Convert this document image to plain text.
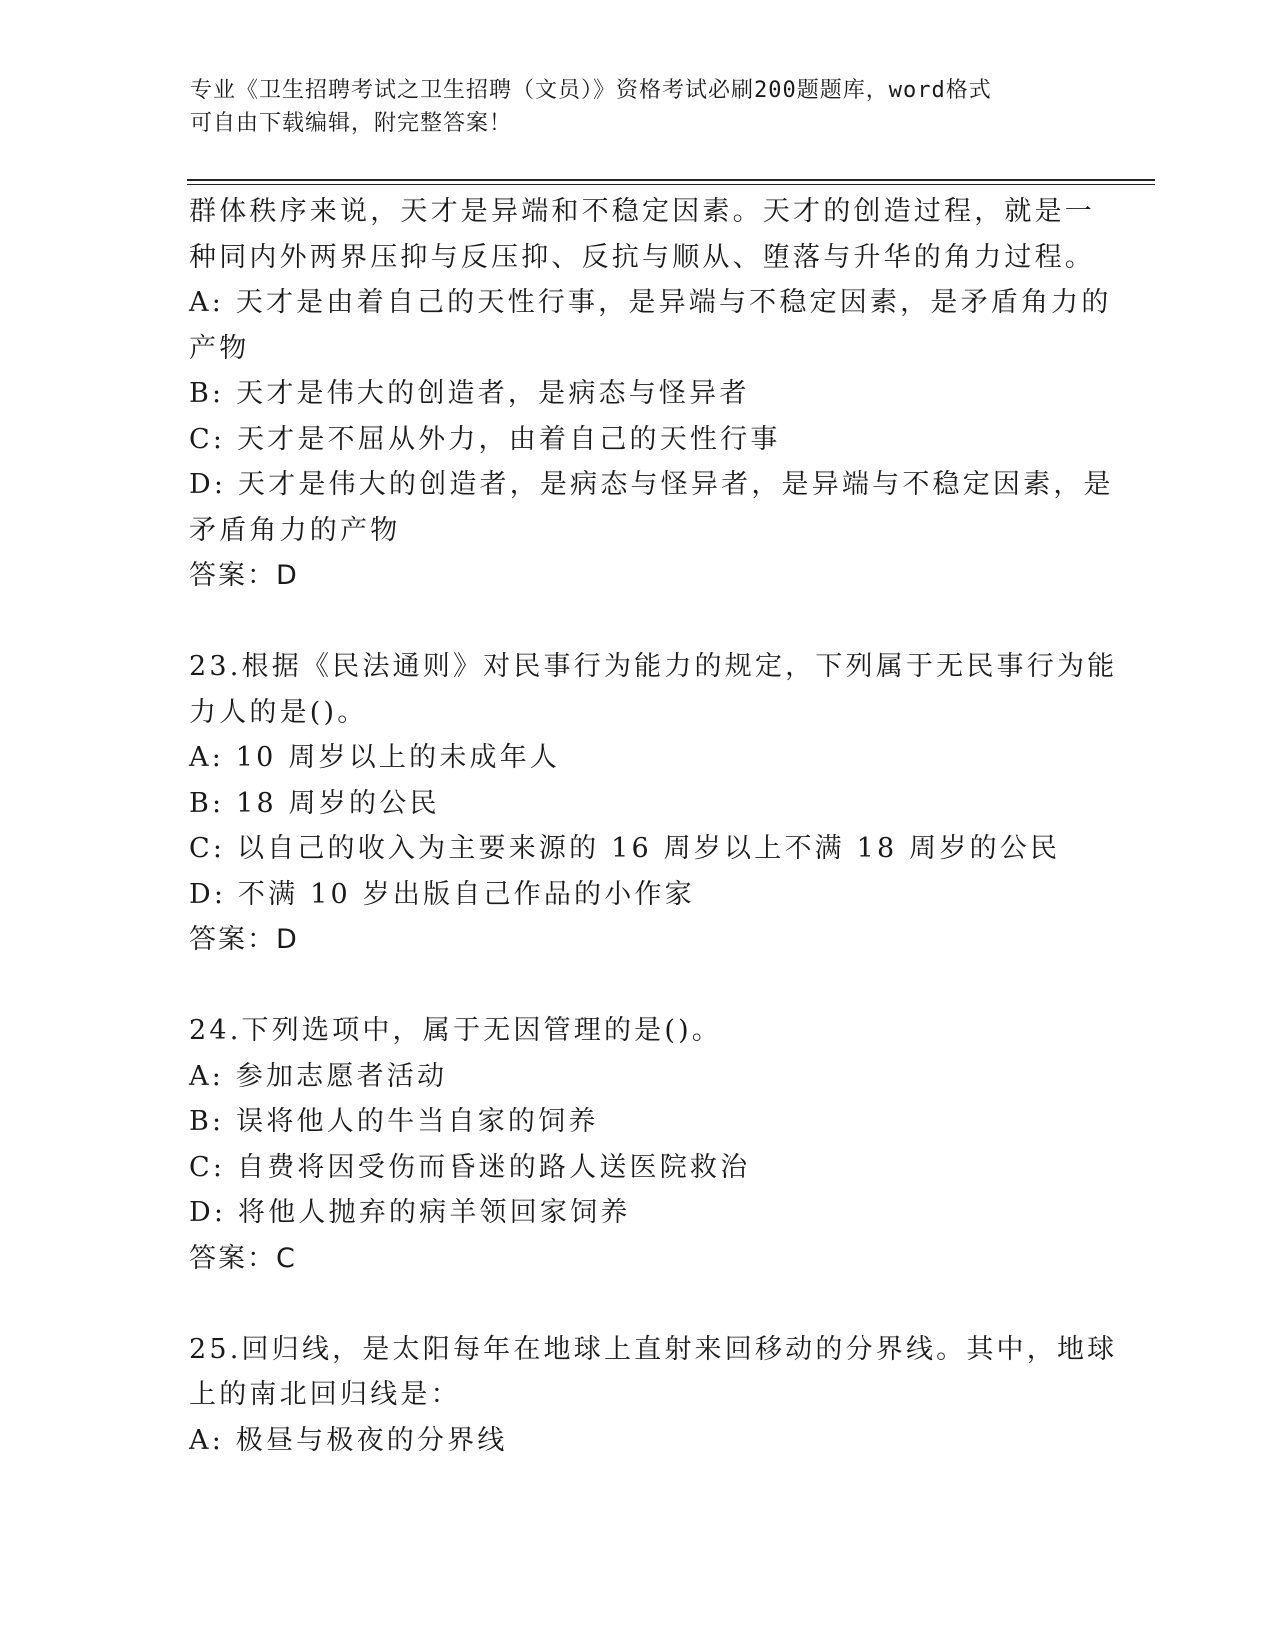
专业《卫生招聘考试之卫生招聘（文员）》资格考试必刷200题题库，word格式
可自由下载编辑，附完整答案！
群体秩序来说，天才是异端和不稳定因素。天才的创造过程，就是一
种同内外两界压抑与反压抑、反抗与顺从、堕落与升华的角力过程。
A: 天才是由着自己的天性行事，是异端与不稳定因素，是矛盾角力的
产物
B: 天才是伟大的创造者，是病态与怪异者
C: 天才是不屈从外力，由着自己的天性行事
D: 天才是伟大的创造者，是病态与怪异者，是异端与不稳定因素，是
矛盾角力的产物
答案：D
23.根据《民法通则》对民事行为能力的规定，下列属于无民事行为能
力人的是()。
A: 10 周岁以上的未成年人
B: 18 周岁的公民
C: 以自己的收入为主要来源的 16 周岁以上不满 18 周岁的公民
D: 不满 10 岁出版自己作品的小作家
答案：D
24.下列选项中，属于无因管理的是()。
A: 参加志愿者活动
B: 误将他人的牛当自家的饲养
C: 自费将因受伤而昏迷的路人送医院救治
D: 将他人抛弃的病羊领回家饲养
答案：C
25.回归线，是太阳每年在地球上直射来回移动的分界线。其中，地球
上的南北回归线是：
A: 极昼与极夜的分界线
